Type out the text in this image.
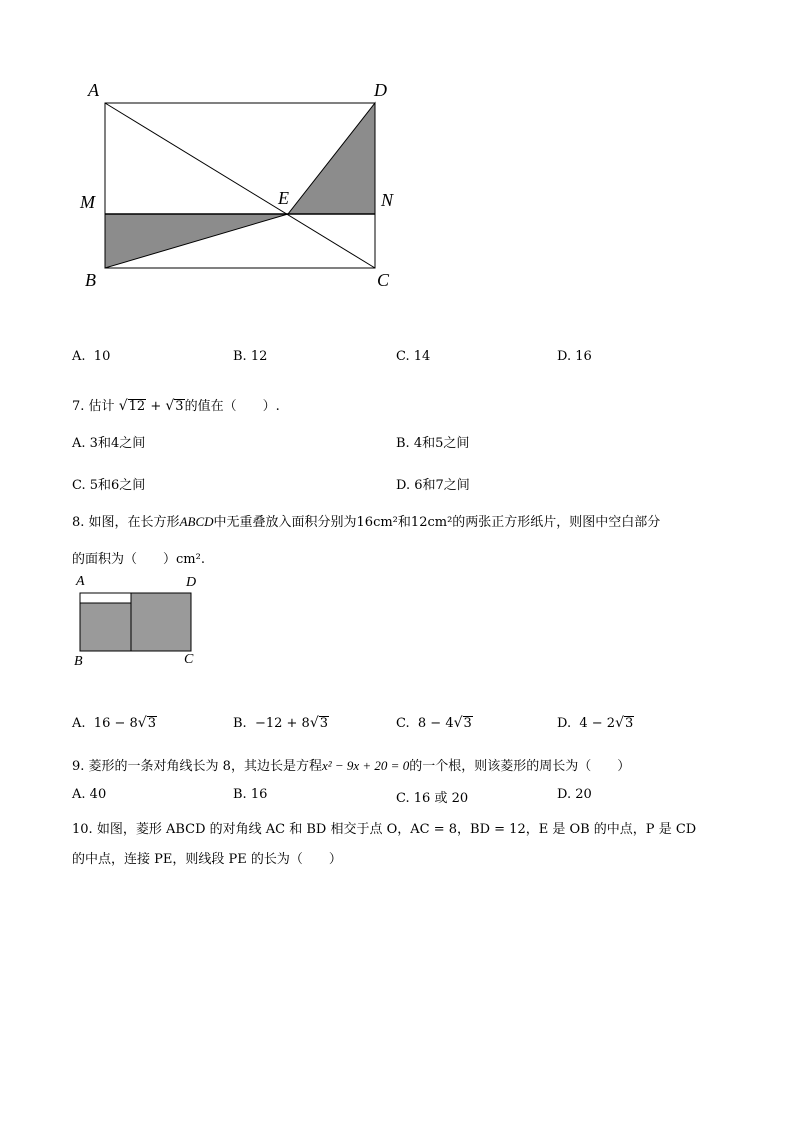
A	D
M	E	N
B	C
A. 10	B. 12	C. 14	D. 16
7. 估计 √12 + √3的值在（　　）.
A. 3和4之间	B. 4和5之间
C. 5和6之间	D. 6和7之间
8. 如图，在长方形ABCD中无重叠放入面积分别为16cm²和12cm²的两张正方形纸片，则图中空白部分
的面积为（　　）cm².
A	D
B	C
A. 16 − 8√3	B. −12 + 8√3	C. 8 − 4√3	D. 4 − 2√3
9. 菱形的一条对角线长为 8，其边长是方程x² − 9x + 20 = 0的一个根，则该菱形的周长为（　　）
A. 40	B. 16	C. 16 或 20	D. 20
10. 如图，菱形 ABCD 的对角线 AC 和 BD 相交于点 O，AC = 8，BD = 12，E 是 OB 的中点，P 是 CD
的中点，连接 PE，则线段 PE 的长为（　　）
